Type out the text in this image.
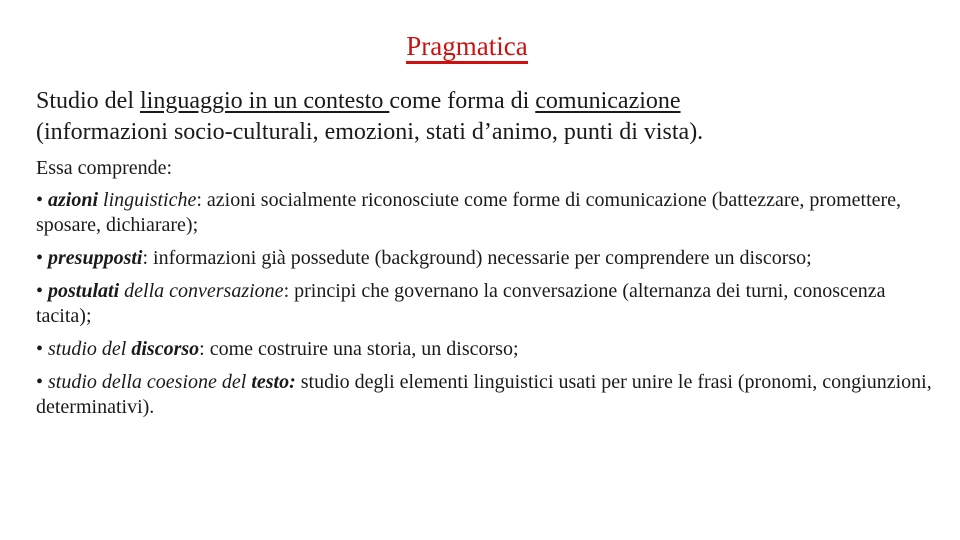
Pragmatica
Studio del linguaggio in un contesto come forma di comunicazione
(informazioni socio-culturali, emozioni, stati d’animo, punti di vista).

Essa comprende:

• azioni linguistiche: azioni socialmente riconosciute come forme di comunicazione (battezzare, promettere, sposare, dichiarare);

• presupposti: informazioni già possedute (background) necessarie per comprendere un discorso;

• postulati della conversazione: principi che governano la conversazione (alternanza dei turni, conoscenza tacita);

• studio del discorso: come costruire una storia, un discorso;

• studio della coesione del testo: studio degli elementi linguistici usati per unire le frasi (pronomi, congiunzioni, determinativi).
